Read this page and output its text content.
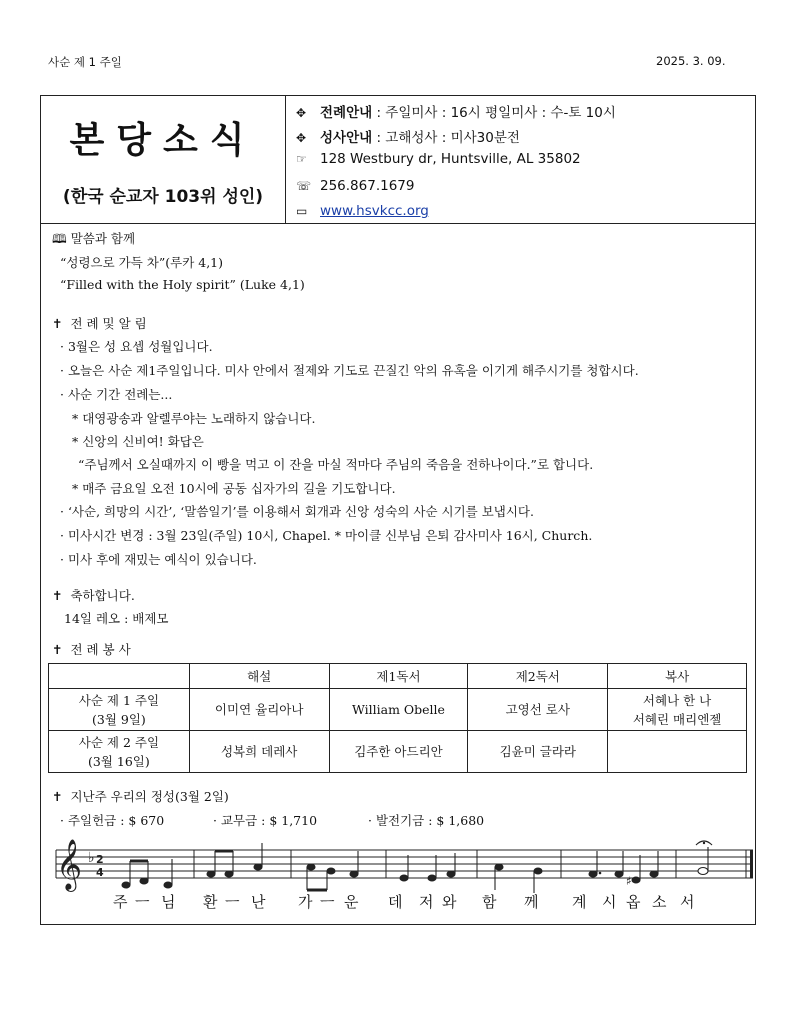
사순 제 1 주일	2025. 3. 09.
본당소식
(한국 순교자 103위 성인)
✥ 전례안내 : 주일미사 : 16시 평일미사 : 수-토 10시
✥ 성사안내 : 고해성사 : 미사30분전
☞ 128 Westbury dr, Huntsville, AL 35802
☏ 256.867.1679
▭ www.hsvkcc.org
🕮 말씀과 함께
“성령으로 가득 차”(루카 4,1)
“Filled with the Holy spirit” (Luke 4,1)
✝ 전 례 및 알 림
· 3월은 성 요셉 성월입니다.
· 오늘은 사순 제1주일입니다. 미사 안에서 절제와 기도로 끈질긴 악의 유혹을 이기게 해주시기를 청합시다.
· 사순 기간 전례는...
* 대영광송과 알렐루야는 노래하지 않습니다.
* 신앙의 신비여! 화답은
“주님께서 오실때까지 이 빵을 먹고 이 잔을 마실 적마다 주님의 죽음을 전하나이다.”로 합니다.
* 매주 금요일 오전 10시에 공동 십자가의 길을 기도합니다.
· ‘사순, 희망의 시간’, ‘말씀일기’를 이용해서 회개과 신앙 성숙의 사순 시기를 보냅시다.
· 미사시간 변경 : 3월 23일(주일) 10시, Chapel. * 마이클 신부님 은퇴 감사미사 16시, Church.
· 미사 후에 재밌는 예식이 있습니다.
✝ 축하합니다.
14일 레오 : 배제모
✝ 전 례 봉 사
	해설	제1독서	제2독서	복사
사순 제 1 주일
(3월 9일)	이미연 율리아나	William Obelle	고영선 로사	서혜나 한 나
서혜린 매리엔젤
사순 제 2 주일
(3월 16일)	성복희 데레사	김주한 아드리안	김윤미 글라라	

✝ 지난주 우리의 정성(3월 2일)
· 주일헌금 : $ 670	· 교무금 : $ 1,710	· 발전기금 : $ 1,680
𝄞 ♭ 2
4
♯
주 ㅡ 님 환 ㅡ 난 가 ㅡ 운 데 저 와 함 께 계 시 옵 소 서
